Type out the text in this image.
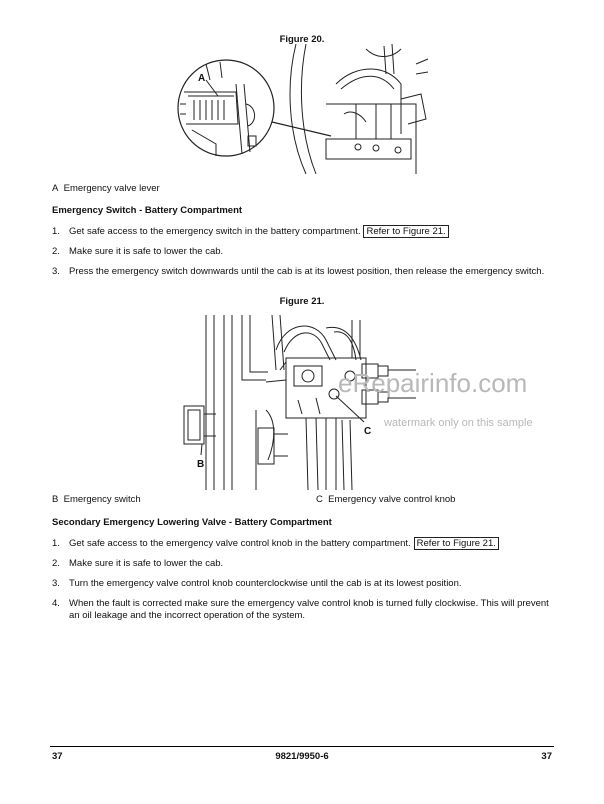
Figure 20.
A
A Emergency valve lever
Emergency Switch - Battery Compartment
1. Get safe access to the emergency switch in the battery compartment. Refer to Figure 21.
2. Make sure it is safe to lower the cab.
3. Press the emergency switch downwards until the cab is at its lowest position, then release the emergency switch.
Figure 21.
B
C
eRepairinfo.com
watermark only on this sample
B Emergency switch	C Emergency valve control knob
Secondary Emergency Lowering Valve - Battery Compartment
1. Get safe access to the emergency valve control knob in the battery compartment. Refer to Figure 21.
2. Make sure it is safe to lower the cab.
3. Turn the emergency valve control knob counterclockwise until the cab is at its lowest position.
4. When the fault is corrected make sure the emergency valve control knob is turned fully clockwise. This will prevent an oil leakage and the incorrect operation of the system.
37	9821/9950-6	37
